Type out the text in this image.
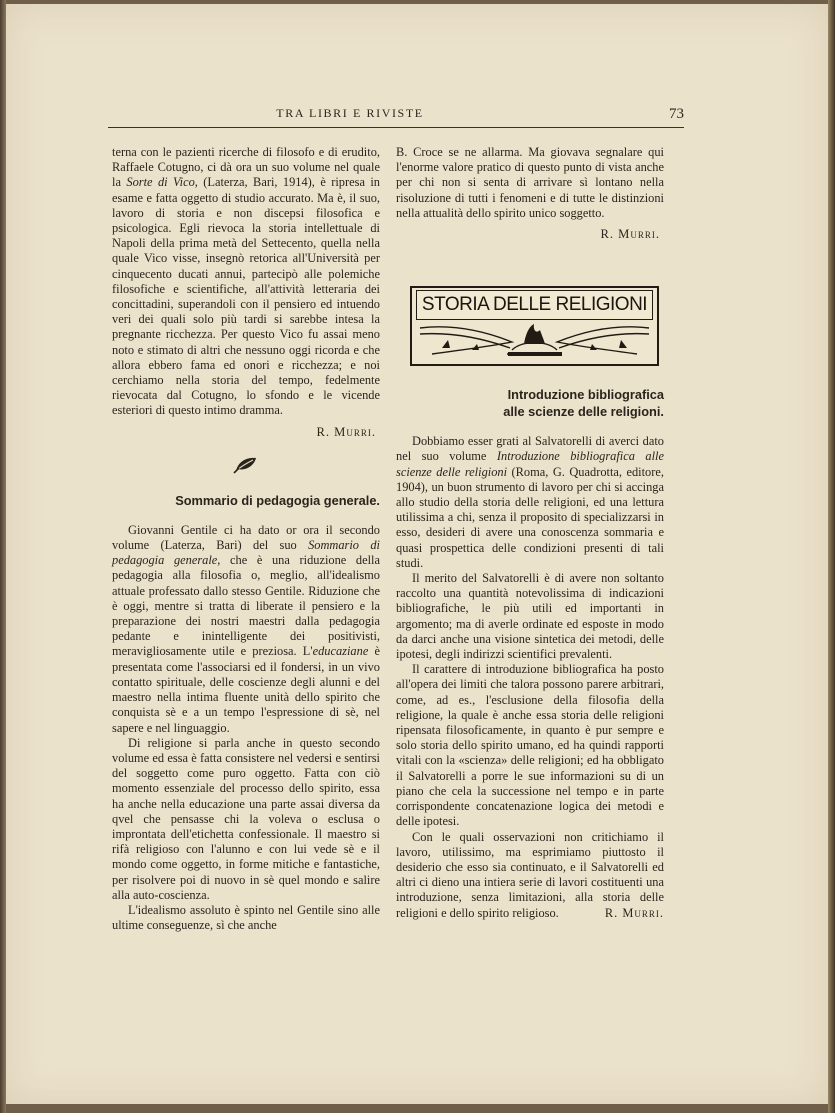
TRA LIBRI E RIVISTE	73

terna con le pazienti ricerche di filosofo e di erudito, Raffaele Cotugno, ci dà ora un suo volume nel quale la Sorte di Vico, (Laterza, Bari, 1914), è ripresa in esame e fatta oggetto di studio accurato. Ma è, il suo, lavoro di storia e non discepsi filosofica e psicologica. Egli rievoca la storia intellettuale di Napoli della prima metà del Settecento, quella nella quale Vico visse, insegnò retorica all'Università per cinquecento ducati annui, partecipò alle polemiche filosofiche e scientifiche, all'attività letteraria dei concittadini, superandoli con il pensiero ed intuendo veri dei quali solo più tardi si sarebbe intesa la pregnante ricchezza. Per questo Vico fu assai meno noto e stimato di altri che nessuno oggi ricorda e che allora ebbero fama ed onori e ricchezza; e noi cerchiamo nella storia del tempo, fedelmente rievocata dal Cotugno, lo sfondo e le vicende esteriori di questo intimo dramma.

R. Murri.
Sommario di pedagogia generale.

Giovanni Gentile ci ha dato or ora il secondo volume (Laterza, Bari) del suo Sommario di pedagogia generale, che è una riduzione della pedagogia alla filosofia o, meglio, all'idealismo attuale professato dallo stesso Gentile. Riduzione che è oggi, mentre si tratta di liberate il pensiero e la preparazione dei nostri maestri dalla pedagogia pedante e inintelligente dei positivisti, meravigliosamente utile e preziosa. L'educaziane è presentata come l'associarsi ed il fondersi, in un vivo contatto spirituale, delle coscienze degli alunni e del maestro nella intima fluente unità dello spirito che conquista sè e a un tempo l'espressione di sè, nel sapere e nel linguaggio.

Di religione si parla anche in questo secondo volume ed essa è fatta consistere nel vedersi e sentirsi del soggetto come puro oggetto. Fatta con ciò momento essenziale del processo dello spirito, essa ha anche nella educazione una parte assai diversa da qvel che pensasse chi la voleva o esclusa o improntata dell'etichetta confessionale. Il maestro si rifà religioso con l'alunno e con lui vede sè e il mondo come oggetto, in forme mitiche e fantastiche, per risolvere poi di nuovo in sè quel mondo e salire alla auto-coscienza.

L'idealismo assoluto è spinto nel Gentile sino alle ultime conseguenze, sì che anche

B. Croce se ne allarma. Ma giovava segnalare qui l'enorme valore pratico di questo punto di vista anche per chi non si senta di arrivare sì lontano nella risoluzione di tutti i fenomeni e di tutte le distinzioni nella attualità dello spirito unico soggetto.

R. Murri.
STORIA DELLE RELIGIONI
Introduzione bibliografica
alle scienze delle religioni.

Dobbiamo esser grati al Salvatorelli di averci dato nel suo volume Introduzione bibliografica alle scienze delle religioni (Roma, G. Quadrotta, editore, 1904), un buon strumento di lavoro per chi si accinga allo studio della storia delle religioni, ed una lettura utilissima a chi, senza il proposito di specializzarsi in esso, desideri di avere una conoscenza sommaria e quasi prospettica delle condizioni presenti di tali studi.

Il merito del Salvatorelli è di avere non soltanto raccolto una quantità notevolissima di indicazioni bibliografiche, le più utili ed importanti in argomento; ma di averle ordinate ed esposte in modo da darci anche una visione sintetica dei metodi, delle ipotesi, degli indirizzi scientifici prevalenti.

Il carattere di introduzione bibliografica ha posto all'opera dei limiti che talora possono parere arbitrari, come, ad es., l'esclusione della filosofia della religione, la quale è anche essa storia delle religioni ripensata filosoficamente, in quanto è pur sempre e solo storia dello spirito umano, ed ha quindi rapporti vitali con la «scienza» delle religioni; ed ha obbligato il Salvatorelli a porre le sue informazioni su di un piano che cela la successione nel tempo e in parte corrispondente concatenazione logica dei metodi e delle ipotesi.

Con le quali osservazioni non critichiamo il lavoro, utilissimo, ma esprimiamo piuttosto il desiderio che esso sia continuato, e il Salvatorelli ed altri ci dieno una intiera serie di lavori costituenti una introduzione, senza limitazioni, alla storia delle religioni e dello spirito religioso.	R. Murri.
